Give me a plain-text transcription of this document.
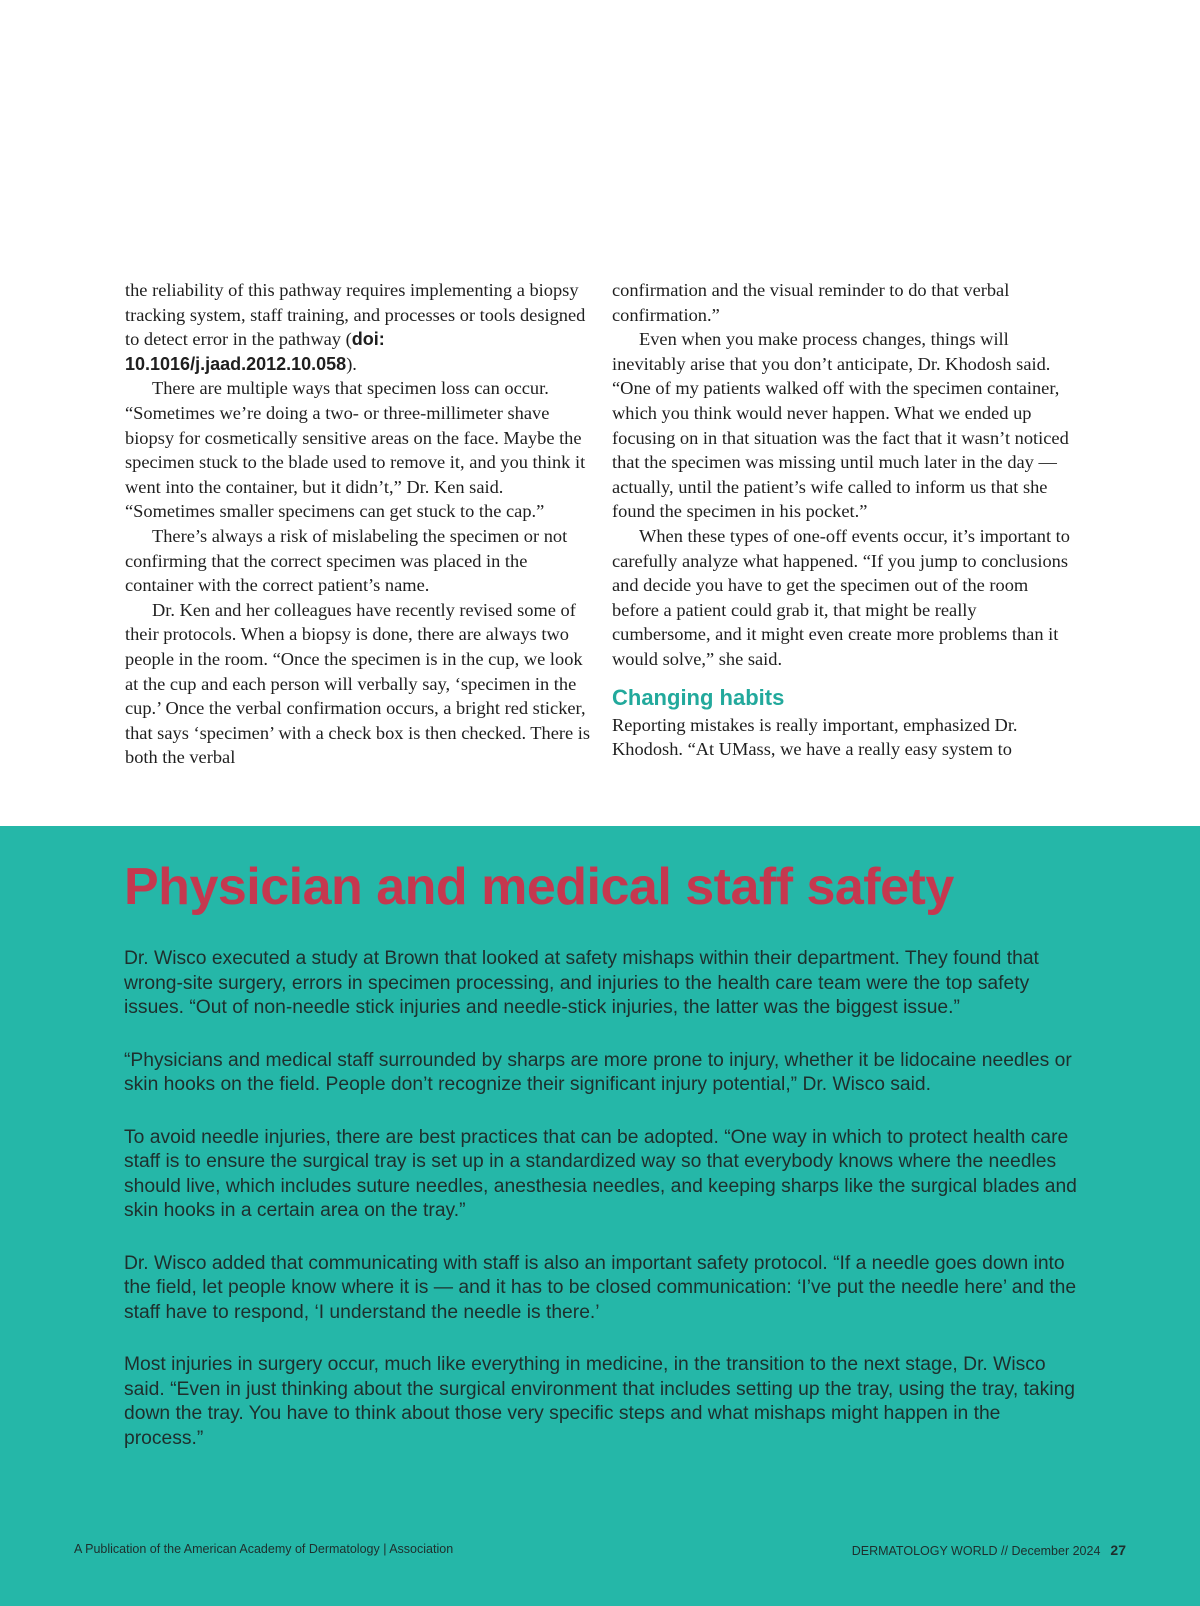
the reliability of this pathway requires implementing a biopsy tracking system, staff training, and processes or tools designed to detect error in the pathway (doi: 10.1016/j.jaad.2012.10.058).

There are multiple ways that specimen loss can occur. “Sometimes we’re doing a two- or three-millimeter shave biopsy for cosmetically sensitive areas on the face. Maybe the specimen stuck to the blade used to remove it, and you think it went into the container, but it didn’t,” Dr. Ken said. “Sometimes smaller specimens can get stuck to the cap.”

There’s always a risk of mislabeling the specimen or not confirming that the correct specimen was placed in the container with the correct patient’s name.

Dr. Ken and her colleagues have recently revised some of their protocols. When a biopsy is done, there are always two people in the room. “Once the specimen is in the cup, we look at the cup and each person will verbally say, ‘specimen in the cup.’ Once the verbal confirmation occurs, a bright red sticker, that says ‘specimen’ with a check box is then checked. There is both the verbal

confirmation and the visual reminder to do that verbal confirmation.”

Even when you make process changes, things will inevitably arise that you don’t anticipate, Dr. Khodosh said. “One of my patients walked off with the specimen container, which you think would never happen. What we ended up focusing on in that situation was the fact that it wasn’t noticed that the specimen was missing until much later in the day — actually, until the patient’s wife called to inform us that she found the specimen in his pocket.”

When these types of one-off events occur, it’s important to carefully analyze what happened. “If you jump to conclusions and decide you have to get the specimen out of the room before a patient could grab it, that might be really cumbersome, and it might even create more problems than it would solve,” she said.

Changing habits

Reporting mistakes is really important, emphasized Dr. Khodosh. “At UMass, we have a really easy system to

Physician and medical staff safety

Dr. Wisco executed a study at Brown that looked at safety mishaps within their department. They found that wrong-site surgery, errors in specimen processing, and injuries to the health care team were the top safety issues. “Out of non-needle stick injuries and needle-stick injuries, the latter was the biggest issue.”

“Physicians and medical staff surrounded by sharps are more prone to injury, whether it be lidocaine needles or skin hooks on the field. People don’t recognize their significant injury potential,” Dr. Wisco said.

To avoid needle injuries, there are best practices that can be adopted. “One way in which to protect health care staff is to ensure the surgical tray is set up in a standardized way so that everybody knows where the needles should live, which includes suture needles, anesthesia needles, and keeping sharps like the surgical blades and skin hooks in a certain area on the tray.”

Dr. Wisco added that communicating with staff is also an important safety protocol. “If a needle goes down into the field, let people know where it is — and it has to be closed communication: ‘I’ve put the needle here’ and the staff have to respond, ‘I understand the needle is there.’

Most injuries in surgery occur, much like everything in medicine, in the transition to the next stage, Dr. Wisco said. “Even in just thinking about the surgical environment that includes setting up the tray, using the tray, taking down the tray. You have to think about those very specific steps and what mishaps might happen in the process.”

A Publication of the American Academy of Dermatology | Association	DERMATOLOGY WORLD // December 2024 27
